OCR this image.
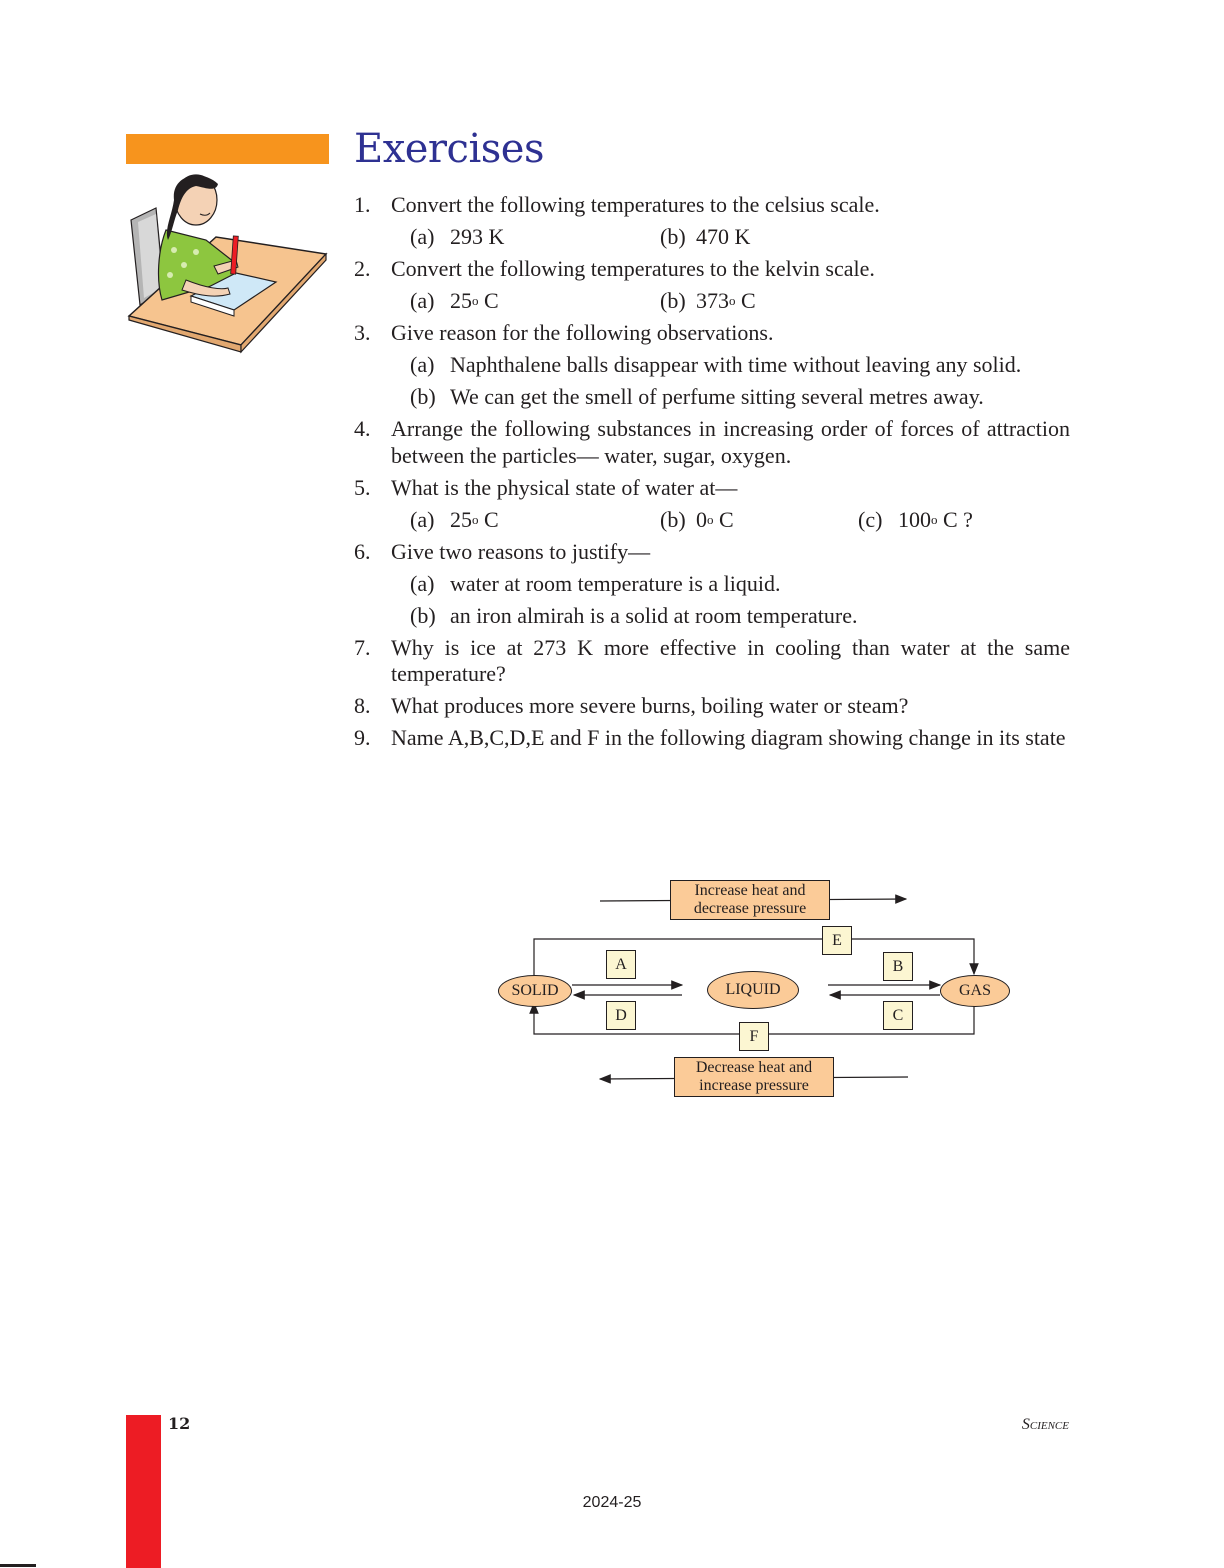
Exercises
1. Convert the following temperatures to the celsius scale.
(a) 293 K	(b) 470 K
2. Convert the following temperatures to the kelvin scale.
(a) 25 o
C	(b) 373 o
C
3. Give reason for the following observations.
(a) Naphthalene balls disappear with time without leaving any solid.
(b) We can get the smell of perfume sitting several metres away.
4. Arrange the following substances in increasing order of forces of attraction between the particles— water, sugar, oxygen.
5. What is the physical state of water at—
(a) 25 o
C	(b) 0 o
C	(c) 100 o
C ?
6. Give two reasons to justify—
(a) water at room temperature is a liquid.
(b) an iron almirah is a solid at room temperature.
7. Why is ice at 273 K more effective in cooling than water at the same temperature?
8. What produces more severe burns, boiling water or steam?
9. Name A,B,C,D,E and F in the following diagram showing change in its state
Increase heat and
decrease pressure
Decrease heat and
increase pressure
SOLID	LIQUID	GAS
A
D
B
C
E
F
12	Science
2024-25
